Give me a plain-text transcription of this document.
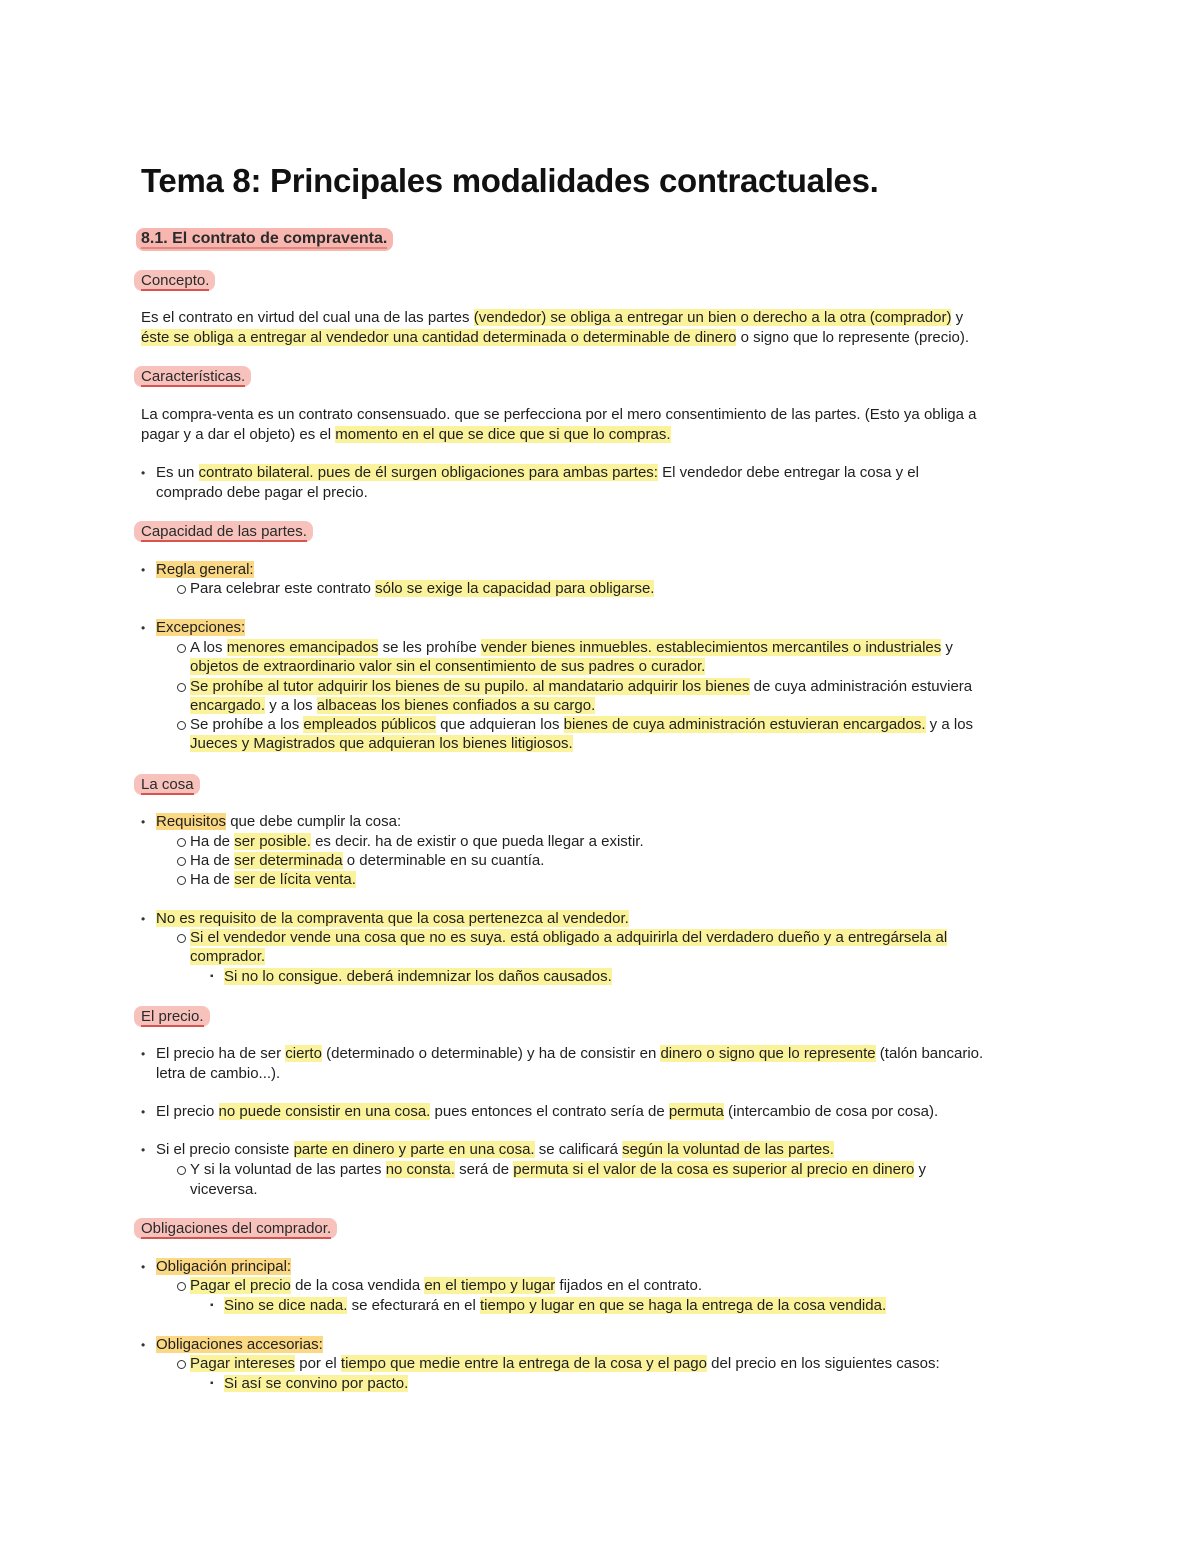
Tema 8: Principales modalidades contractuales.
8.1. El contrato de compraventa.
Concepto.
Es el contrato en virtud del cual una de las partes (vendedor) se obliga a entregar un bien o derecho a la otra (comprador) y
éste se obliga a entregar al vendedor una cantidad determinada o determinable de dinero o signo que lo represente (precio).
Características.
La compra-venta es un contrato consensuado. que se perfecciona por el mero consentimiento de las partes. (Esto ya obliga a
pagar y a dar el objeto) es el momento en el que se dice que si que lo compras.
• Es un contrato bilateral. pues de él surgen obligaciones para ambas partes: El vendedor debe entregar la cosa y el
comprado debe pagar el precio.
Capacidad de las partes.
• Regla general:
Para celebrar este contrato sólo se exige la capacidad para obligarse.
• Excepciones:
A los menores emancipados se les prohíbe vender bienes inmuebles. establecimientos mercantiles o industriales y
objetos de extraordinario valor sin el consentimiento de sus padres o curador.
Se prohíbe al tutor adquirir los bienes de su pupilo. al mandatario adquirir los bienes de cuya administración estuviera
encargado. y a los albaceas los bienes confiados a su cargo.
Se prohíbe a los empleados públicos que adquieran los bienes de cuya administración estuvieran encargados. y a los
Jueces y Magistrados que adquieran los bienes litigiosos.
La cosa
• Requisitos que debe cumplir la cosa:
Ha de ser posible. es decir. ha de existir o que pueda llegar a existir.
Ha de ser determinada o determinable en su cuantía.
Ha de ser de lícita venta.
• No es requisito de la compraventa que la cosa pertenezca al vendedor.
Si el vendedor vende una cosa que no es suya. está obligado a adquirirla del verdadero dueño y a entregársela al
comprador.
▪ Si no lo consigue. deberá indemnizar los daños causados.
El precio.
• El precio ha de ser cierto (determinado o determinable) y ha de consistir en dinero o signo que lo represente (talón bancario.
letra de cambio...).
• El precio no puede consistir en una cosa. pues entonces el contrato sería de permuta (intercambio de cosa por cosa).
• Si el precio consiste parte en dinero y parte en una cosa. se calificará según la voluntad de las partes.
Y si la voluntad de las partes no consta. será de permuta si el valor de la cosa es superior al precio en dinero y
viceversa.
Obligaciones del comprador.
• Obligación principal:
Pagar el precio de la cosa vendida en el tiempo y lugar fijados en el contrato.
▪ Sino se dice nada. se efecturará en el tiempo y lugar en que se haga la entrega de la cosa vendida.
• Obligaciones accesorias:
Pagar intereses por el tiempo que medie entre la entrega de la cosa y el pago del precio en los siguientes casos:
▪ Si así se convino por pacto.
